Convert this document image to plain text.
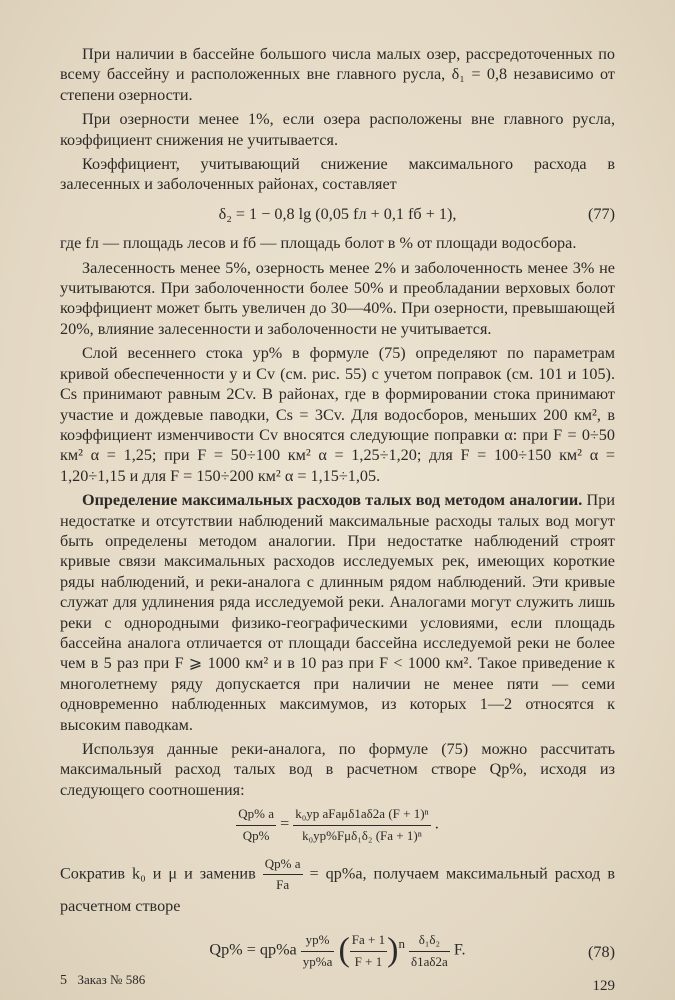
При наличии в бассейне большого числа малых озер, рассредоточенных по всему бассейну и расположенных вне главного русла, δ₁ = 0,8 независимо от степени озерности.

При озерности менее 1%, если озера расположены вне главного русла, коэффициент снижения не учитывается.

Коэффициент, учитывающий снижение максимального расхода в залесенных и заболоченных районах, составляет

δ₂ = 1 − 0,8 lg (0,05 fл + 0,1 fб + 1),	(77)

где fл — площадь лесов и fб — площадь болот в % от площади водосбора.

Залесенность менее 5%, озерность менее 2% и заболоченность менее 3% не учитываются. При заболоченности более 50% и преобладании верховых болот коэффициент может быть увеличен до 30—40%. При озерности, превышающей 20%, влияние залесенности и заболоченности не учитывается.

Слой весеннего стока yp% в формуле (75) определяют по параметрам кривой обеспеченности y и Cv (см. рис. 55) с учетом поправок (см. 101 и 105). Cs принимают равным 2Cv. В районах, где в формировании стока принимают участие и дождевые паводки, Cs = 3Cv. Для водосборов, меньших 200 км², в коэффициент изменчивости Cv вносятся следующие поправки α: при F = 0÷50 км² α = 1,25; при F = 50÷100 км² α = 1,25÷1,20; для F = 100÷150 км² α = 1,20÷1,15 и для F = 150÷200 км² α = 1,15÷1,05.

Определение максимальных расходов талых вод методом аналогии. При недостатке и отсутствии наблюдений максимальные расходы талых вод могут быть определены методом аналогии. При недостатке наблюдений строят кривые связи максимальных расходов исследуемых рек, имеющих короткие ряды наблюдений, и реки-аналога с длинным рядом наблюдений. Эти кривые служат для удлинения ряда исследуемой реки. Аналогами могут служить лишь реки с однородными физико-географическими условиями, если площадь бассейна аналога отличается от площади бассейна исследуемой реки не более чем в 5 раз при F ⩾ 1000 км² и в 10 раз при F < 1000 км². Такое приведение к многолетнему ряду допускается при наличии не менее пяти — семи одновременно наблюденных максимумов, из которых 1—2 относятся к высоким паводкам.

Используя данные реки-аналога, по формуле (75) можно рассчитать максимальный расход талых вод в расчетном створе Qp%, исходя из следующего соотношения:

$\frac{Qp\% a}{Qp\%} = \frac{\text{k₀yp aFaμδ1aδ2a (F + 1)ⁿ}}{\text{k₀yp\%Fμδ₁δ₂ (Fa + 1)ⁿ}}$ .

Сократив k₀ и μ и заменив $\frac{Qp\% a}{Fa} = qp\%a$, получаем максимальный расход в расчетном створе

$Qp\% = qp\%a \frac{yp\%}{yp\%a}$ ( $\frac{Fa + 1}{F + 1} )^n \frac{\text{δ₁δ₂}}{\delta 1a\delta 2a} F$.	(78)
5 Заказ № 586	129
